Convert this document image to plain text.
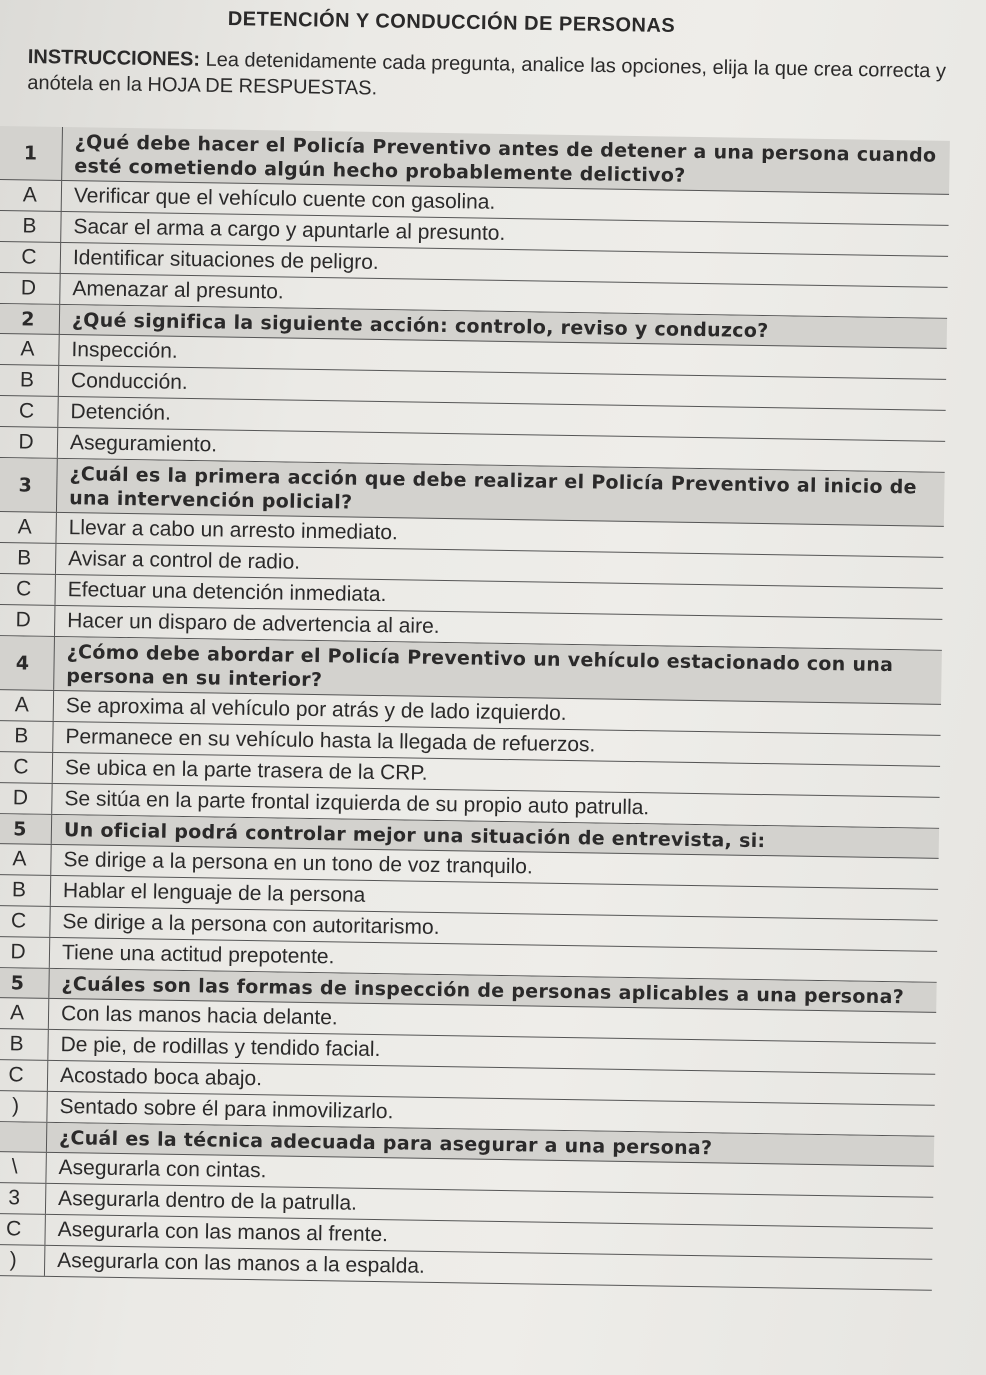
DETENCIÓN Y CONDUCCIÓN DE PERSONAS
INSTRUCCIONES: Lea detenidamente cada pregunta, analice las opciones, elija la que crea correcta y anótela en la HOJA DE RESPUESTAS.
1	¿Qué debe hacer el Policía Preventivo antes de detener a una persona cuando esté cometiendo algún hecho probablemente delictivo?
A	Verificar que el vehículo cuente con gasolina.
B	Sacar el arma a cargo y apuntarle al presunto.
C	Identificar situaciones de peligro.
D	Amenazar al presunto.
2	¿Qué significa la siguiente acción: controlo, reviso y conduzco?
A	Inspección.
B	Conducción.
C	Detención.
D	Aseguramiento.
3	¿Cuál es la primera acción que debe realizar el Policía Preventivo al inicio de una intervención policial?
A	Llevar a cabo un arresto inmediato.
B	Avisar a control de radio.
C	Efectuar una detención inmediata.
D	Hacer un disparo de advertencia al aire.
4	¿Cómo debe abordar el Policía Preventivo un vehículo estacionado con una persona en su interior?
A	Se aproxima al vehículo por atrás y de lado izquierdo.
B	Permanece en su vehículo hasta la llegada de refuerzos.
C	Se ubica en la parte trasera de la CRP.
D	Se sitúa en la parte frontal izquierda de su propio auto patrulla.
5	Un oficial podrá controlar mejor una situación de entrevista, si:
A	Se dirige a la persona en un tono de voz tranquilo.
B	Hablar el lenguaje de la persona
C	Se dirige a la persona con autoritarismo.
D	Tiene una actitud prepotente.
5	¿Cuáles son las formas de inspección de personas aplicables a una persona?
A	Con las manos hacia delante.
B	De pie, de rodillas y tendido facial.
C	Acostado boca abajo.
)	Sentado sobre él para inmovilizarlo.
¿Cuál es la técnica adecuada para asegurar a una persona?
\	Asegurarla con cintas.
3	Asegurarla dentro de la patrulla.
C	Asegurarla con las manos al frente.
)	Asegurarla con las manos a la espalda.
